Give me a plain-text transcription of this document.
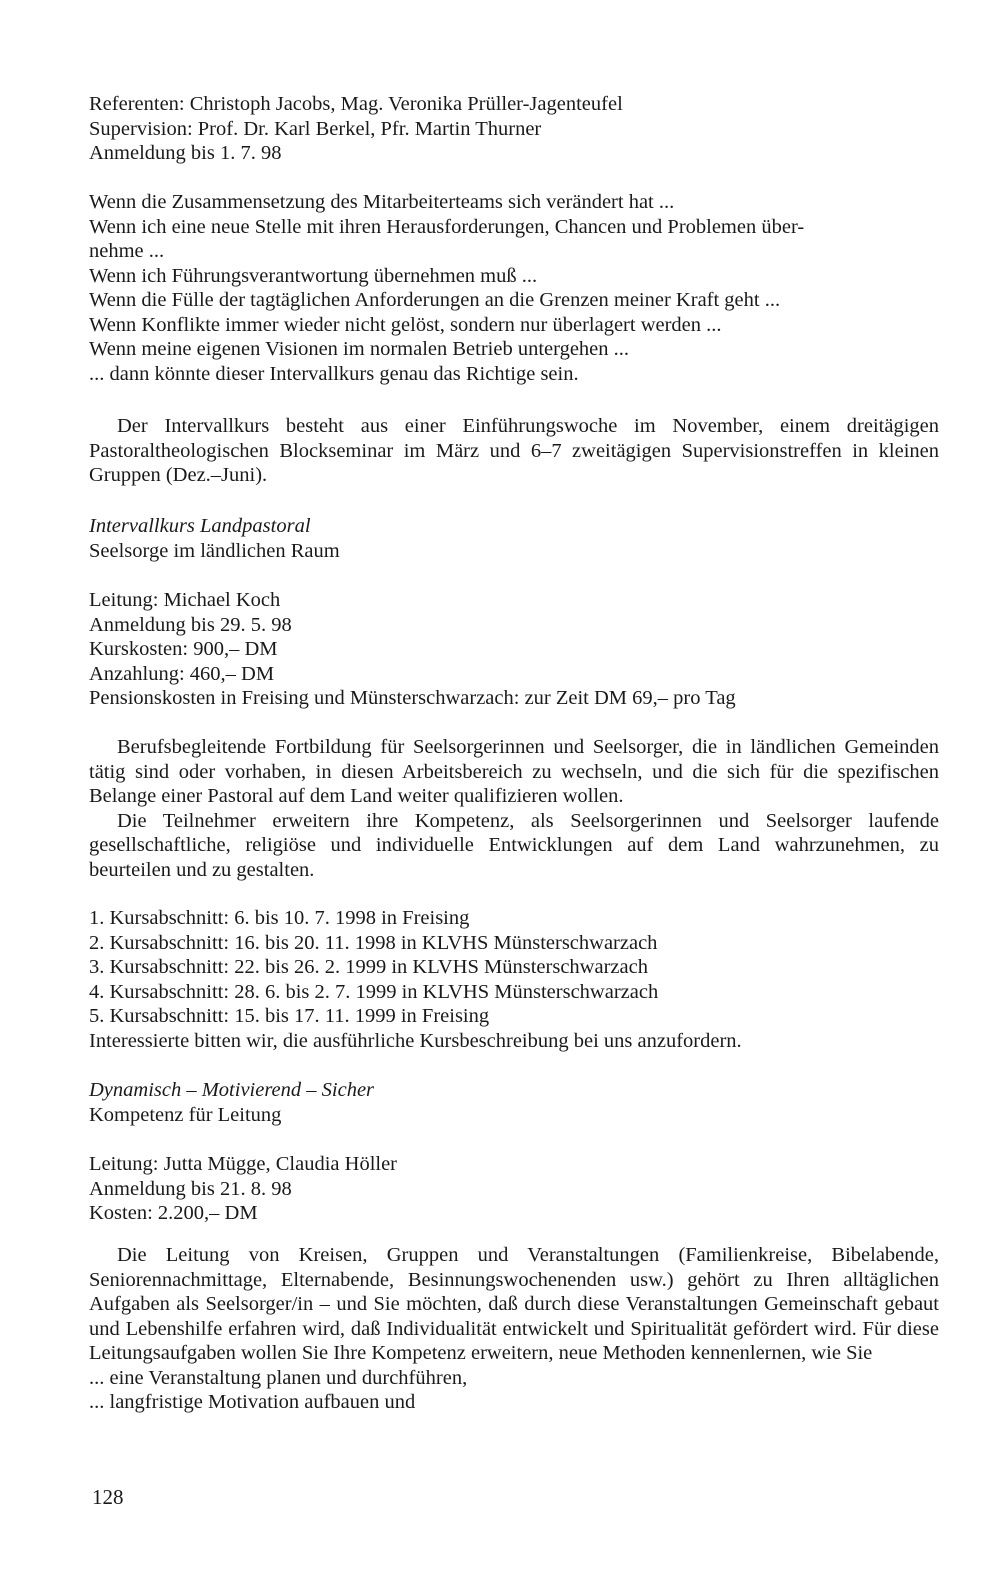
Referenten: Christoph Jacobs, Mag. Veronika Prüller-Jagenteufel
Supervision: Prof. Dr. Karl Berkel, Pfr. Martin Thurner
Anmeldung bis 1. 7. 98
Wenn die Zusammensetzung des Mitarbeiterteams sich verändert hat ...
Wenn ich eine neue Stelle mit ihren Herausforderungen, Chancen und Problemen über-
nehme ...
Wenn ich Führungsverantwortung übernehmen muß ...
Wenn die Fülle der tagtäglichen Anforderungen an die Grenzen meiner Kraft geht ...
Wenn Konflikte immer wieder nicht gelöst, sondern nur überlagert werden ...
Wenn meine eigenen Visionen im normalen Betrieb untergehen ...
... dann könnte dieser Intervallkurs genau das Richtige sein.
Der Intervallkurs besteht aus einer Einführungswoche im November, einem dreitägigen Pastoraltheologischen Blockseminar im März und 6–7 zweitägigen Supervisionstreffen in kleinen Gruppen (Dez.–Juni).
Intervallkurs Landpastoral
Seelsorge im ländlichen Raum
Leitung: Michael Koch
Anmeldung bis 29. 5. 98
Kurskosten: 900,– DM
Anzahlung: 460,– DM
Pensionskosten in Freising und Münsterschwarzach: zur Zeit DM 69,– pro Tag
Berufsbegleitende Fortbildung für Seelsorgerinnen und Seelsorger, die in ländlichen Gemeinden tätig sind oder vorhaben, in diesen Arbeitsbereich zu wechseln, und die sich für die spezifischen Belange einer Pastoral auf dem Land weiter qualifizieren wollen.
Die Teilnehmer erweitern ihre Kompetenz, als Seelsorgerinnen und Seelsorger laufende gesellschaftliche, religiöse und individuelle Entwicklungen auf dem Land wahrzunehmen, zu beurteilen und zu gestalten.
1. Kursabschnitt: 6. bis 10. 7. 1998 in Freising
2. Kursabschnitt: 16. bis 20. 11. 1998 in KLVHS Münsterschwarzach
3. Kursabschnitt: 22. bis 26. 2. 1999 in KLVHS Münsterschwarzach
4. Kursabschnitt: 28. 6. bis 2. 7. 1999 in KLVHS Münsterschwarzach
5. Kursabschnitt: 15. bis 17. 11. 1999 in Freising
Interessierte bitten wir, die ausführliche Kursbeschreibung bei uns anzufordern.
Dynamisch – Motivierend – Sicher
Kompetenz für Leitung
Leitung: Jutta Mügge, Claudia Höller
Anmeldung bis 21. 8. 98
Kosten: 2.200,– DM
Die Leitung von Kreisen, Gruppen und Veranstaltungen (Familienkreise, Bibelabende, Seniorennachmittage, Elternabende, Besinnungswochenenden usw.) gehört zu Ihren alltäglichen Aufgaben als Seelsorger/in – und Sie möchten, daß durch diese Veranstaltungen Gemeinschaft gebaut und Lebenshilfe erfahren wird, daß Individualität entwickelt und Spiritualität gefördert wird. Für diese Leitungsaufgaben wollen Sie Ihre Kompetenz erweitern, neue Methoden kennenlernen, wie Sie
... eine Veranstaltung planen und durchführen,
... langfristige Motivation aufbauen und
128
